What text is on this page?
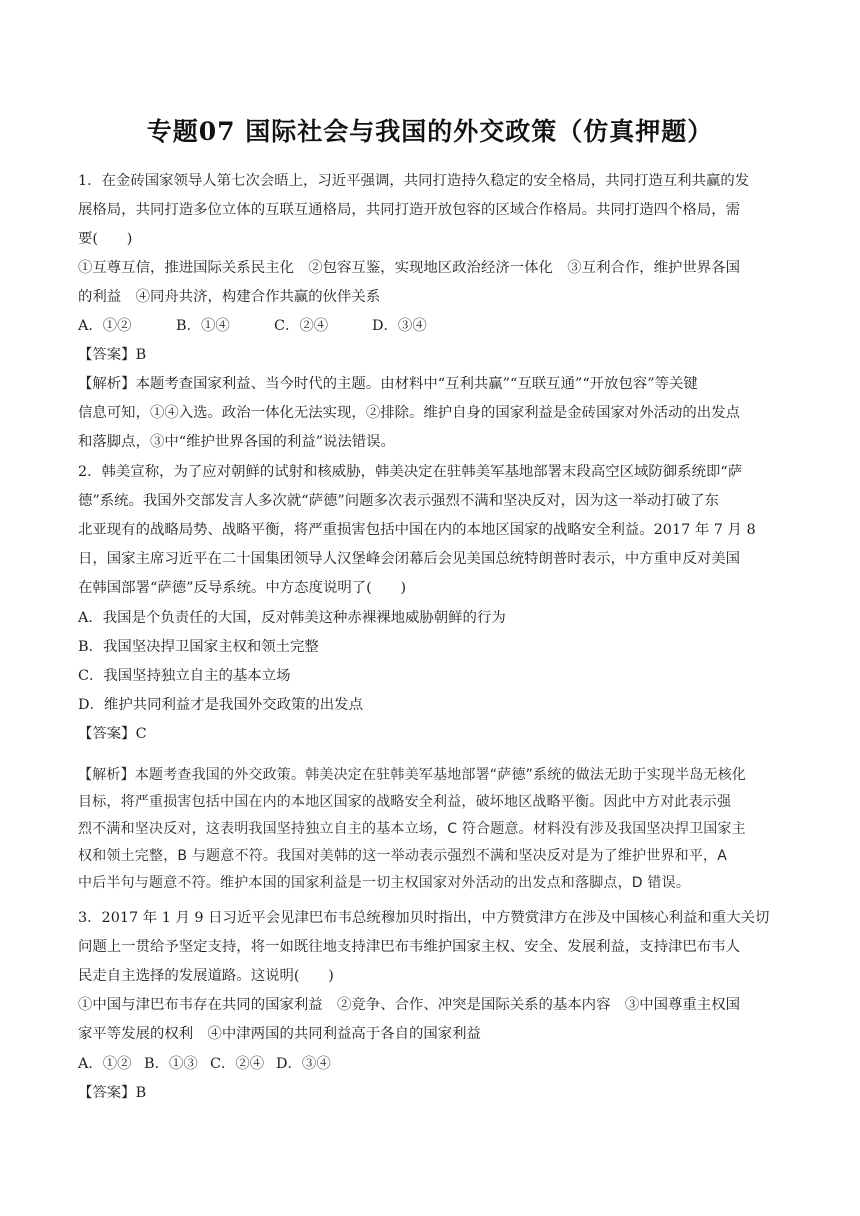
专题07 国际社会与我国的外交政策（仿真押题）
1．在金砖国家领导人第七次会晤上，习近平强调，共同打造持久稳定的安全格局，共同打造互利共赢的发
展格局，共同打造多位立体的互联互通格局，共同打造开放包容的区域合作格局。共同打造四个格局，需
要(　　)
①互尊互信，推进国际关系民主化　②包容互鉴，实现地区政治经济一体化　③互利合作，维护世界各国
的利益　④同舟共济，构建合作共赢的伙伴关系
A．①②	B．①④	C．②④	D．③④
【答案】B
【解析】本题考查国家利益、当今时代的主题。由材料中“互利共赢”“互联互通”“开放包容”等关键
信息可知，①④入选。政治一体化无法实现，②排除。维护自身的国家利益是金砖国家对外活动的出发点
和落脚点，③中“维护世界各国的利益”说法错误。
2．韩美宣称，为了应对朝鲜的试射和核威胁，韩美决定在驻韩美军基地部署末段高空区域防御系统即“萨
德”系统。我国外交部发言人多次就“萨德”问题多次表示强烈不满和坚决反对，因为这一举动打破了东
北亚现有的战略局势、战略平衡，将严重损害包括中国在内的本地区国家的战略安全利益。2017 年 7 月 8
日，国家主席习近平在二十国集团领导人汉堡峰会闭幕后会见美国总统特朗普时表示，中方重申反对美国
在韩国部署“萨德”反导系统。中方态度说明了(　　)
A．我国是个负责任的大国，反对韩美这种赤裸裸地威胁朝鲜的行为
B．我国坚决捍卫国家主权和领土完整
C．我国坚持独立自主的基本立场
D．维护共同利益才是我国外交政策的出发点
【答案】C
【解析】本题考查我国的外交政策。韩美决定在驻韩美军基地部署“萨德”系统的做法无助于实现半岛无核化
目标，将严重损害包括中国在内的本地区国家的战略安全利益，破坏地区战略平衡。因此中方对此表示强
烈不满和坚决反对，这表明我国坚持独立自主的基本立场，C 符合题意。材料没有涉及我国坚决捍卫国家主
权和领土完整，B 与题意不符。我国对美韩的这一举动表示强烈不满和坚决反对是为了维护世界和平，A
中后半句与题意不符。维护本国的国家利益是一切主权国家对外活动的出发点和落脚点，D 错误。
3．2017 年 1 月 9 日习近平会见津巴布韦总统穆加贝时指出，中方赞赏津方在涉及中国核心利益和重大关切
问题上一贯给予坚定支持，将一如既往地支持津巴布韦维护国家主权、安全、发展利益，支持津巴布韦人
民走自主选择的发展道路。这说明(　　)
①中国与津巴布韦存在共同的国家利益　②竞争、合作、冲突是国际关系的基本内容　③中国尊重主权国
家平等发展的权利　④中津两国的共同利益高于各自的国家利益
A．①② B．①③ C．②④ D．③④
【答案】B
